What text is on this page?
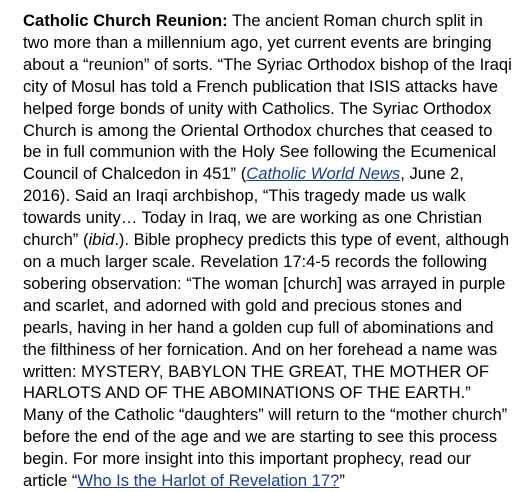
Catholic Church Reunion: The ancient Roman church split in two more than a millennium ago, yet current events are bringing about a “reunion” of sorts. “The Syriac Orthodox bishop of the Iraqi city of Mosul has told a French publication that ISIS attacks have helped forge bonds of unity with Catholics. The Syriac Orthodox Church is among the Oriental Orthodox churches that ceased to be in full communion with the Holy See following the Ecumenical Council of Chalcedon in 451” (Catholic World News, June 2, 2016). Said an Iraqi archbishop, “This tragedy made us walk towards unity… Today in Iraq, we are working as one Christian church” (ibid.). Bible prophecy predicts this type of event, although on a much larger scale. Revelation 17:4-5 records the following sobering observation: “The woman [church] was arrayed in purple and scarlet, and adorned with gold and precious stones and pearls, having in her hand a golden cup full of abominations and the filthiness of her fornication. And on her forehead a name was written: MYSTERY, BABYLON THE GREAT, THE MOTHER OF HARLOTS AND OF THE ABOMINATIONS OF THE EARTH.” Many of the Catholic “daughters” will return to the “mother church” before the end of the age and we are starting to see this process begin. For more insight into this important prophecy, read our article “Who Is the Harlot of Revelation 17?”
